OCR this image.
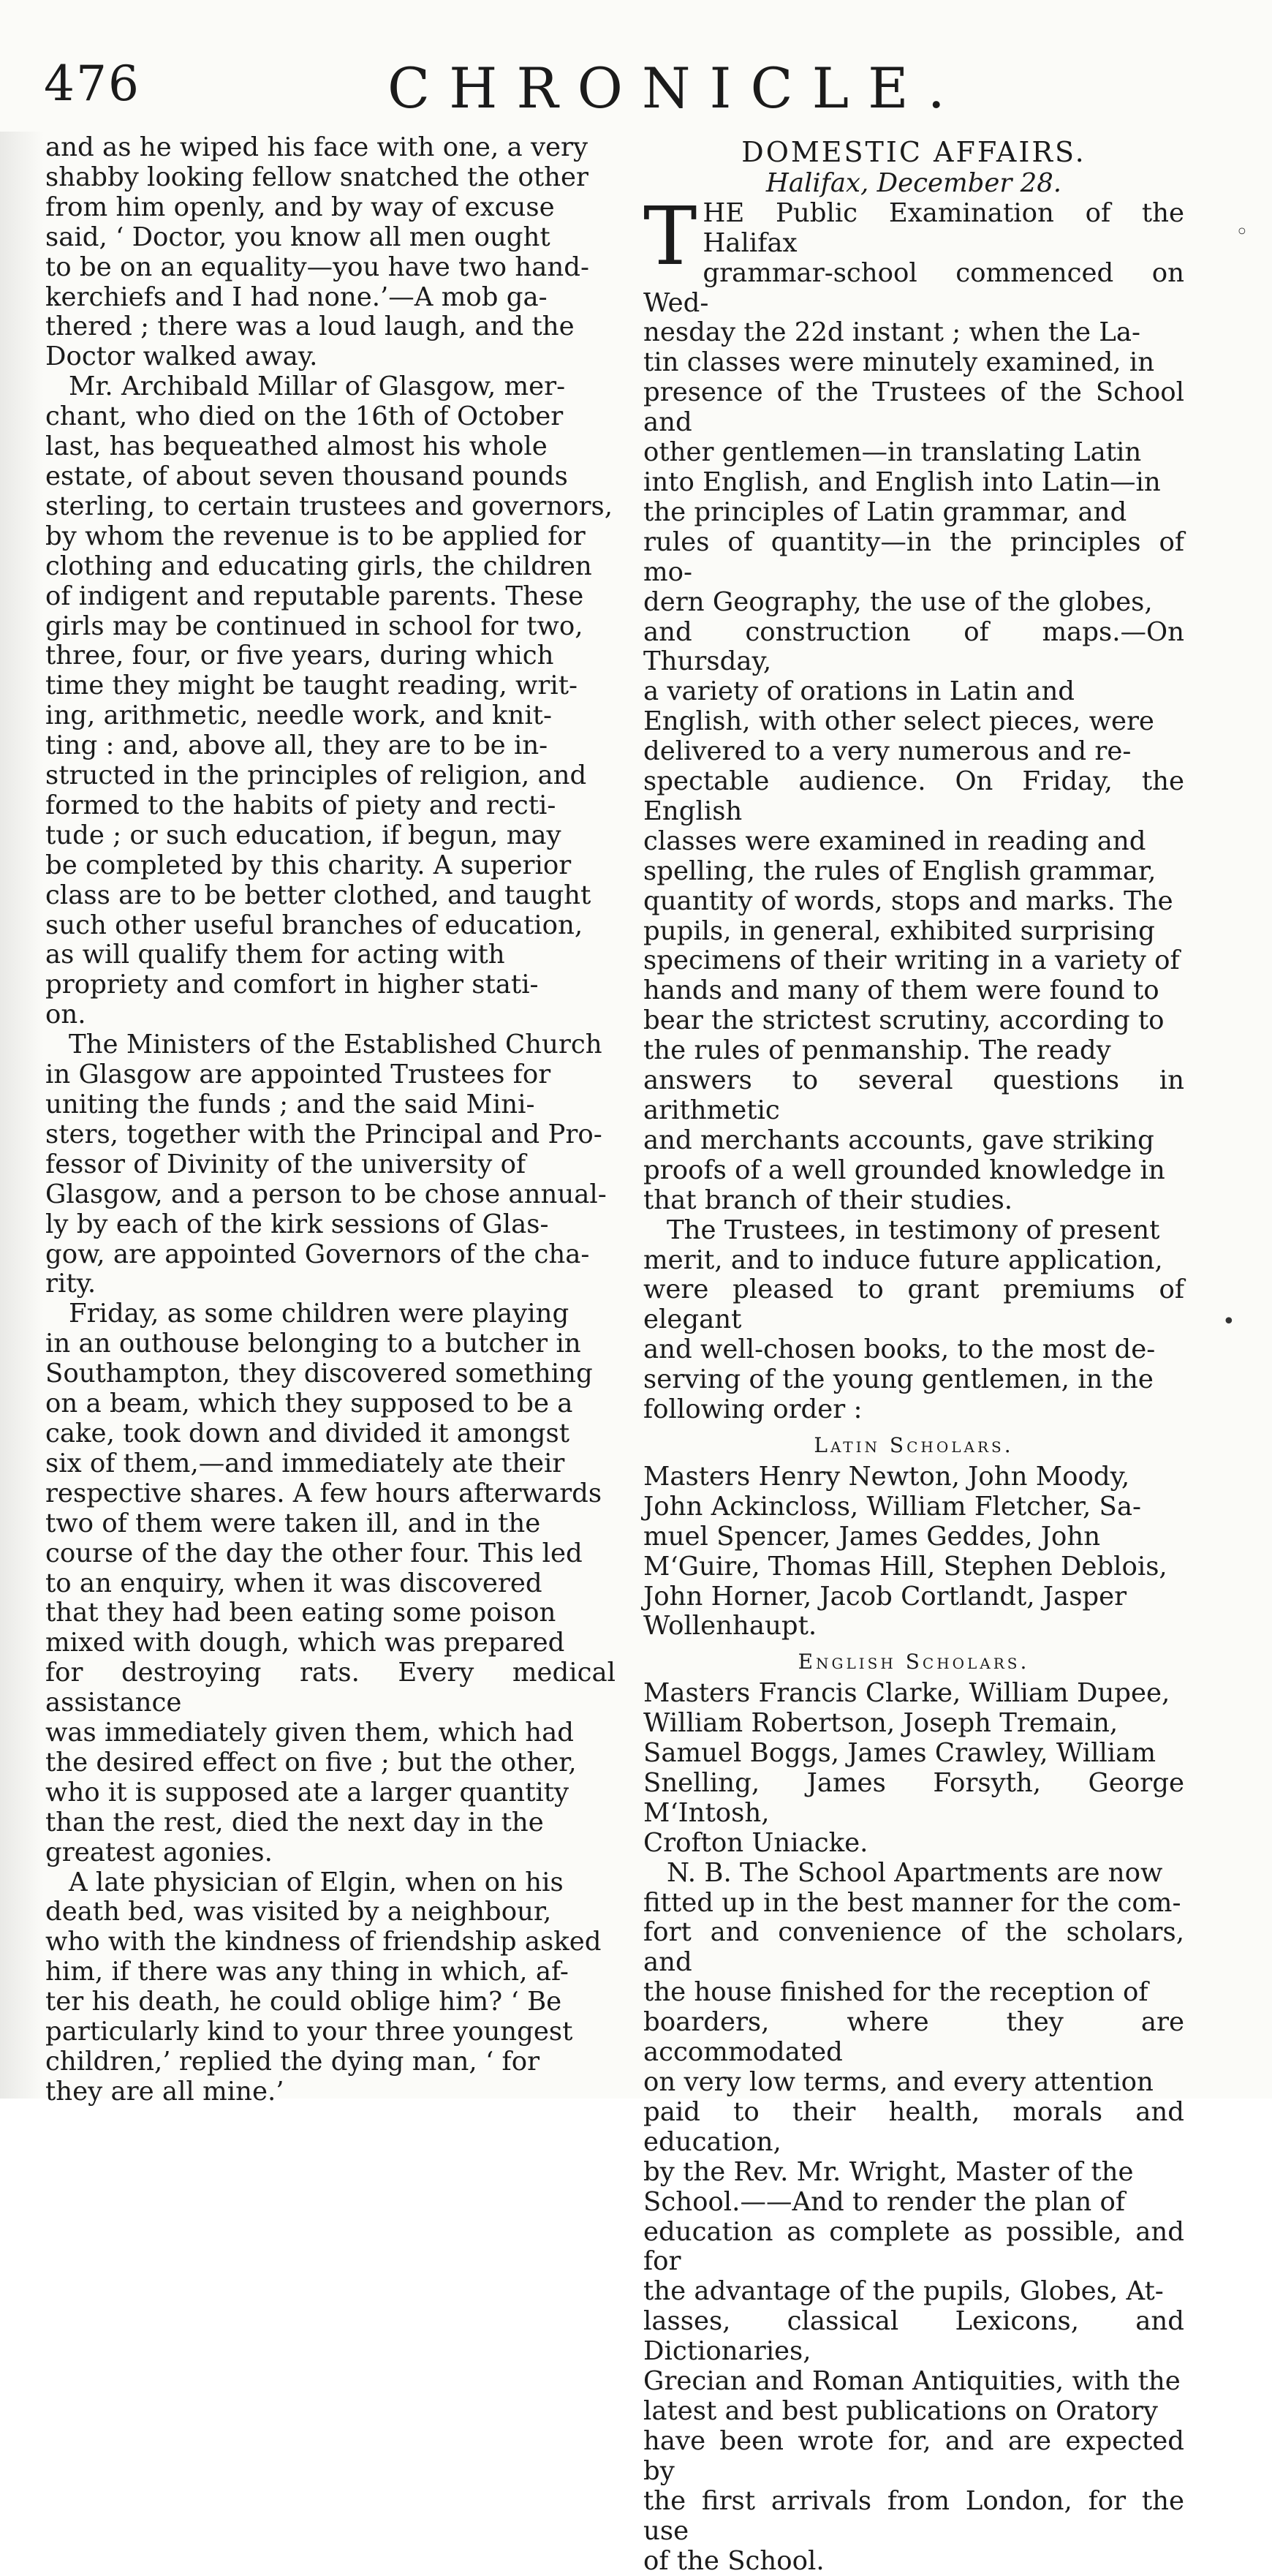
476	CHRONICLE.

and as he wiped his face with one, a very
shabby looking fellow snatched the other
from him openly, and by way of excuse
said, ‘ Doctor, you know all men ought
to be on an equality—you have two hand-
kerchiefs and I had none.’—A mob ga-
thered ; there was a loud laugh, and the
Doctor walked away.

Mr. Archibald Millar of Glasgow, mer-
chant, who died on the 16th of October
last, has bequeathed almost his whole
estate, of about seven thousand pounds
sterling, to certain trustees and governors,
by whom the revenue is to be applied for
clothing and educating girls, the children
of indigent and reputable parents. These
girls may be continued in school for two,
three, four, or five years, during which
time they might be taught reading, writ-
ing, arithmetic, needle work, and knit-
ting : and, above all, they are to be in-
structed in the principles of religion, and
formed to the habits of piety and recti-
tude ; or such education, if begun, may
be completed by this charity. A superior
class are to be better clothed, and taught
such other useful branches of education,
as will qualify them for acting with
propriety and comfort in higher stati-
on.

The Ministers of the Established Church
in Glasgow are appointed Trustees for
uniting the funds ; and the said Mini-
sters, together with the Principal and Pro-
fessor of Divinity of the university of
Glasgow, and a person to be chose annual-
ly by each of the kirk sessions of Glas-
gow, are appointed Governors of the cha-
rity.

Friday, as some children were playing
in an outhouse belonging to a butcher in
Southampton, they discovered something
on a beam, which they supposed to be a
cake, took down and divided it amongst
six of them,—and immediately ate their
respective shares. A few hours afterwards
two of them were taken ill, and in the
course of the day the other four. This led
to an enquiry, when it was discovered
that they had been eating some poison
mixed with dough, which was prepared
for destroying rats. Every medical assistance
was immediately given them, which had
the desired effect on five ; but the other,
who it is supposed ate a larger quantity
than the rest, died the next day in the
greatest agonies.

A late physician of Elgin, when on his
death bed, was visited by a neighbour,
who with the kindness of friendship asked
him, if there was any thing in which, af-
ter his death, he could oblige him? ‘ Be
particularly kind to your three youngest
children,’ replied the dying man, ‘ for
they are all mine.’

DOMESTIC AFFAIRS.
Halifax, December 28.

THE Public Examination of the Halifax
grammar-school commenced on Wed-
nesday the 22d instant ; when the La-
tin classes were minutely examined, in
presence of the Trustees of the School and
other gentlemen—in translating Latin
into English, and English into Latin—in
the principles of Latin grammar, and
rules of quantity—in the principles of mo-
dern Geography, the use of the globes,
and construction of maps.—On Thursday,
a variety of orations in Latin and
English, with other select pieces, were
delivered to a very numerous and re-
spectable audience. On Friday, the English
classes were examined in reading and
spelling, the rules of English grammar,
quantity of words, stops and marks. The
pupils, in general, exhibited surprising
specimens of their writing in a variety of
hands and many of them were found to
bear the strictest scrutiny, according to
the rules of penmanship. The ready
answers to several questions in arithmetic
and merchants accounts, gave striking
proofs of a well grounded knowledge in
that branch of their studies.

The Trustees, in testimony of present
merit, and to induce future application,
were pleased to grant premiums of elegant
and well-chosen books, to the most de-
serving of the young gentlemen, in the
following order :

Latin Scholars.

Masters Henry Newton, John Moody,
John Ackincloss, William Fletcher, Sa-
muel Spencer, James Geddes, John
M‘Guire, Thomas Hill, Stephen Deblois,
John Horner, Jacob Cortlandt, Jasper
Wollenhaupt.

English Scholars.

Masters Francis Clarke, William Dupee,
William Robertson, Joseph Tremain,
Samuel Boggs, James Crawley, William
Snelling, James Forsyth, George M‘Intosh,
Crofton Uniacke.

N. B. The School Apartments are now
fitted up in the best manner for the com-
fort and convenience of the scholars, and
the house finished for the reception of
boarders, where they are accommodated
on very low terms, and every attention
paid to their health, morals and education,
by the Rev. Mr. Wright, Master of the
School.——And to render the plan of
education as complete as possible, and for
the advantage of the pupils, Globes, At-
lasses, classical Lexicons, and Dictionaries,
Grecian and Roman Antiquities, with the
latest and best publications on Oratory
have been wrote for, and are expected by
the first arrivals from London, for the use
of the School.

◦
•
